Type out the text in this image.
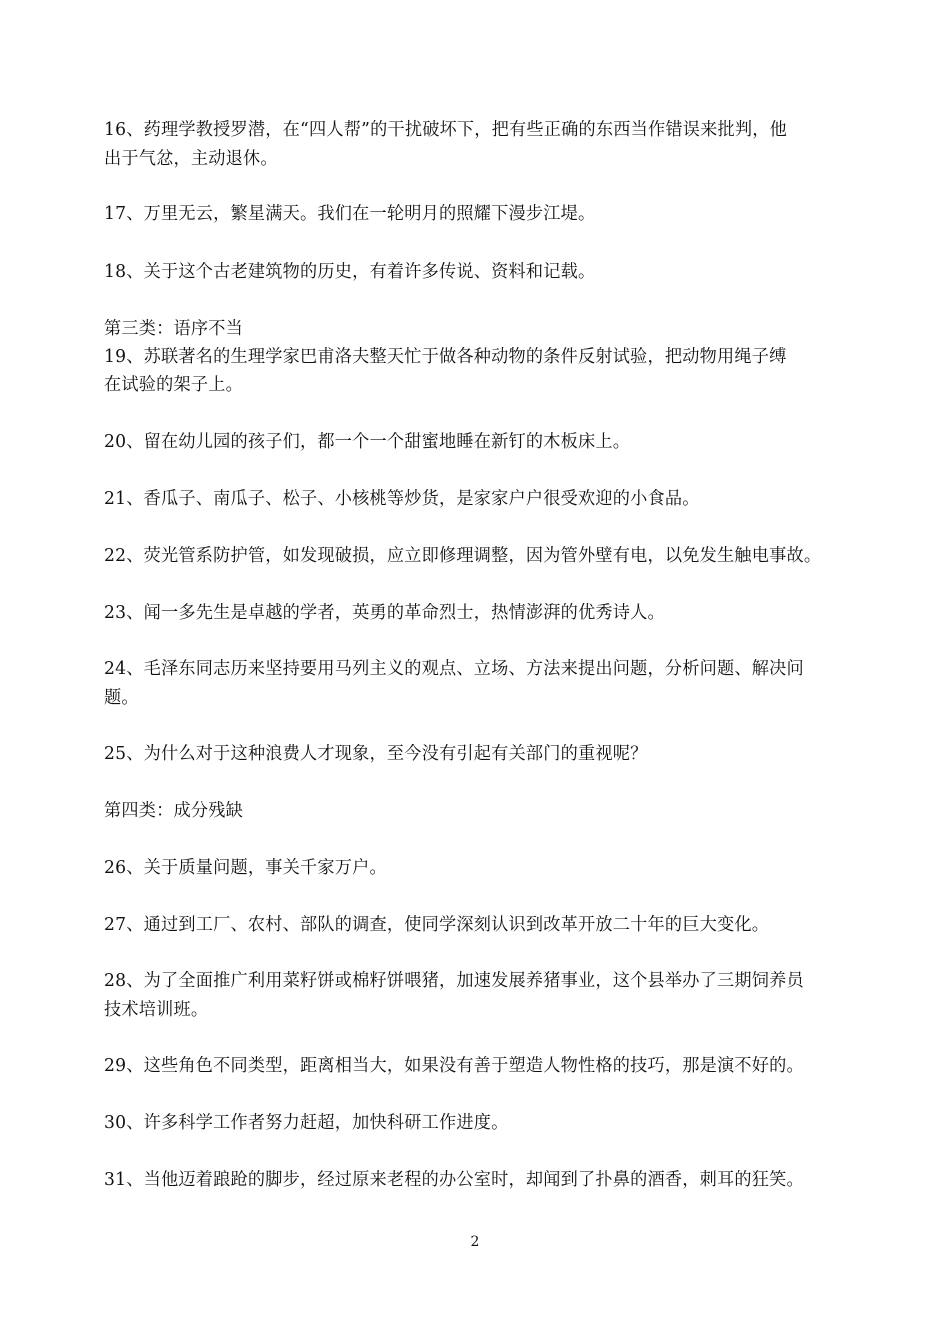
16、药理学教授罗潜，在“四人帮”的干扰破坏下，把有些正确的东西当作错误来批判，他
出于气忿，主动退休。
17、万里无云，繁星满天。我们在一轮明月的照耀下漫步江堤。
18、关于这个古老建筑物的历史，有着许多传说、资料和记载。
第三类：语序不当
19、苏联著名的生理学家巴甫洛夫整天忙于做各种动物的条件反射试验，把动物用绳子缚
在试验的架子上。
20、留在幼儿园的孩子们，都一个一个甜蜜地睡在新钉的木板床上。
21、香瓜子、南瓜子、松子、小核桃等炒货，是家家户户很受欢迎的小食品。
22、荧光管系防护管，如发现破损，应立即修理调整，因为管外壁有电，以免发生触电事故。
23、闻一多先生是卓越的学者，英勇的革命烈士，热情澎湃的优秀诗人。
24、毛泽东同志历来坚持要用马列主义的观点、立场、方法来提出问题，分析问题、解决问
题。
25、为什么对于这种浪费人才现象，至今没有引起有关部门的重视呢？
第四类：成分残缺
26、关于质量问题，事关千家万户。
27、通过到工厂、农村、部队的调查，使同学深刻认识到改革开放二十年的巨大变化。
28、为了全面推广利用菜籽饼或棉籽饼喂猪，加速发展养猪事业，这个县举办了三期饲养员
技术培训班。
29、这些角色不同类型，距离相当大，如果没有善于塑造人物性格的技巧，那是演不好的。
30、许多科学工作者努力赶超，加快科研工作进度。
31、当他迈着踉跄的脚步，经过原来老程的办公室时，却闻到了扑鼻的酒香，刺耳的狂笑。
2
